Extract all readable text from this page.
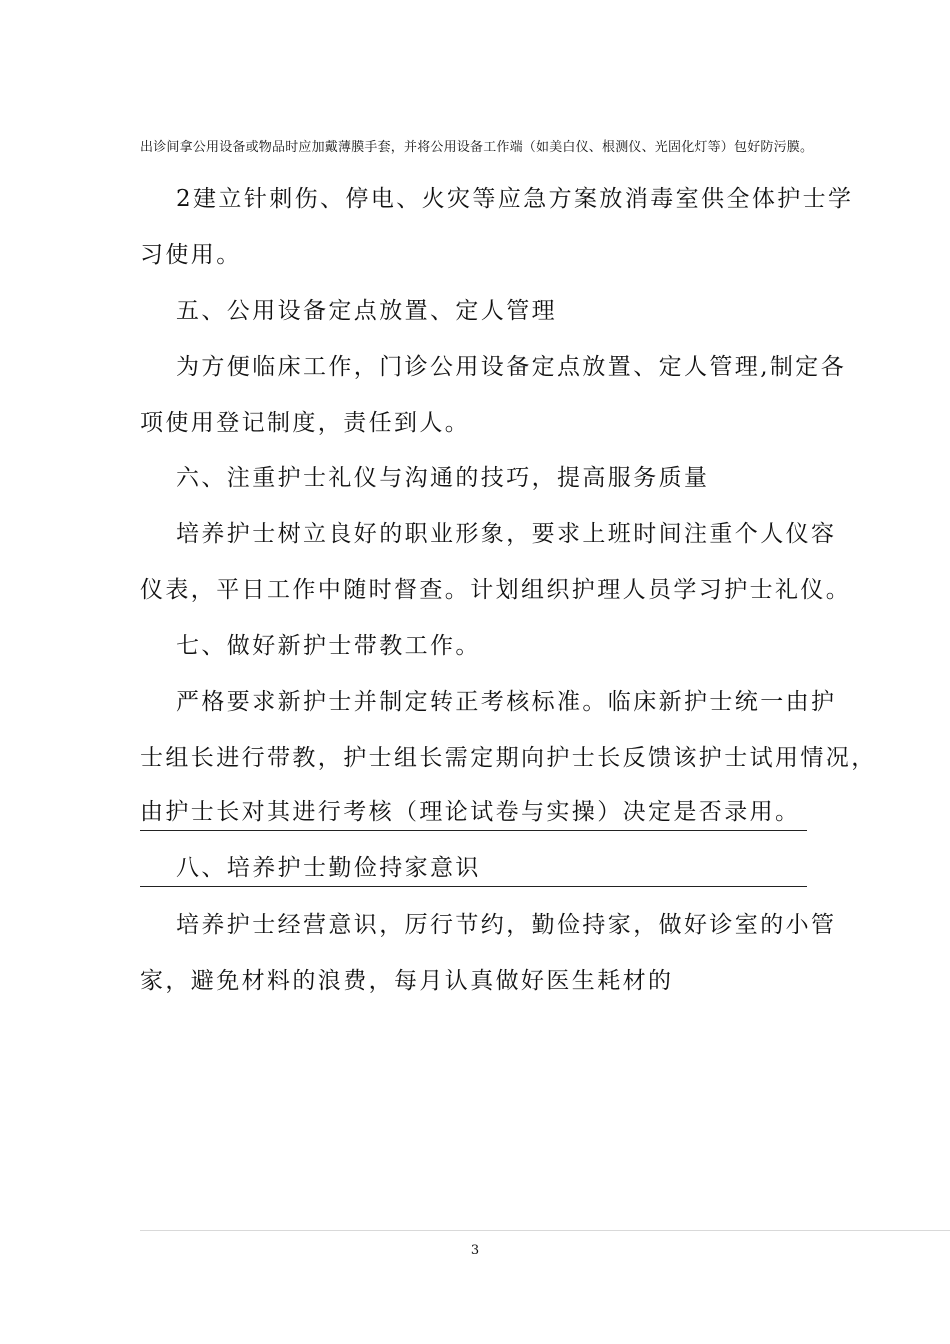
出诊间拿公用设备或物品时应加戴薄膜手套，并将公用设备工作端（如美白仪、根测仪、光固化灯等）包好防污膜。
2建立针刺伤、停电、火灾等应急方案放消毒室供全体护士学
习使用。
五、公用设备定点放置、定人管理
为方便临床工作，门诊公用设备定点放置、定人管理,制定各
项使用登记制度，责任到人。
六、注重护士礼仪与沟通的技巧，提高服务质量
培养护士树立良好的职业形象，要求上班时间注重个人仪容
仪表，平日工作中随时督查。计划组织护理人员学习护士礼仪。
七、做好新护士带教工作。
严格要求新护士并制定转正考核标准。临床新护士统一由护
士组长进行带教，护士组长需定期向护士长反馈该护士试用情况，
由护士长对其进行考核（理论试卷与实操）决定是否录用。
八、培养护士勤俭持家意识
培养护士经营意识，厉行节约，勤俭持家，做好诊室的小管
家，避免材料的浪费，每月认真做好医生耗材的
3
